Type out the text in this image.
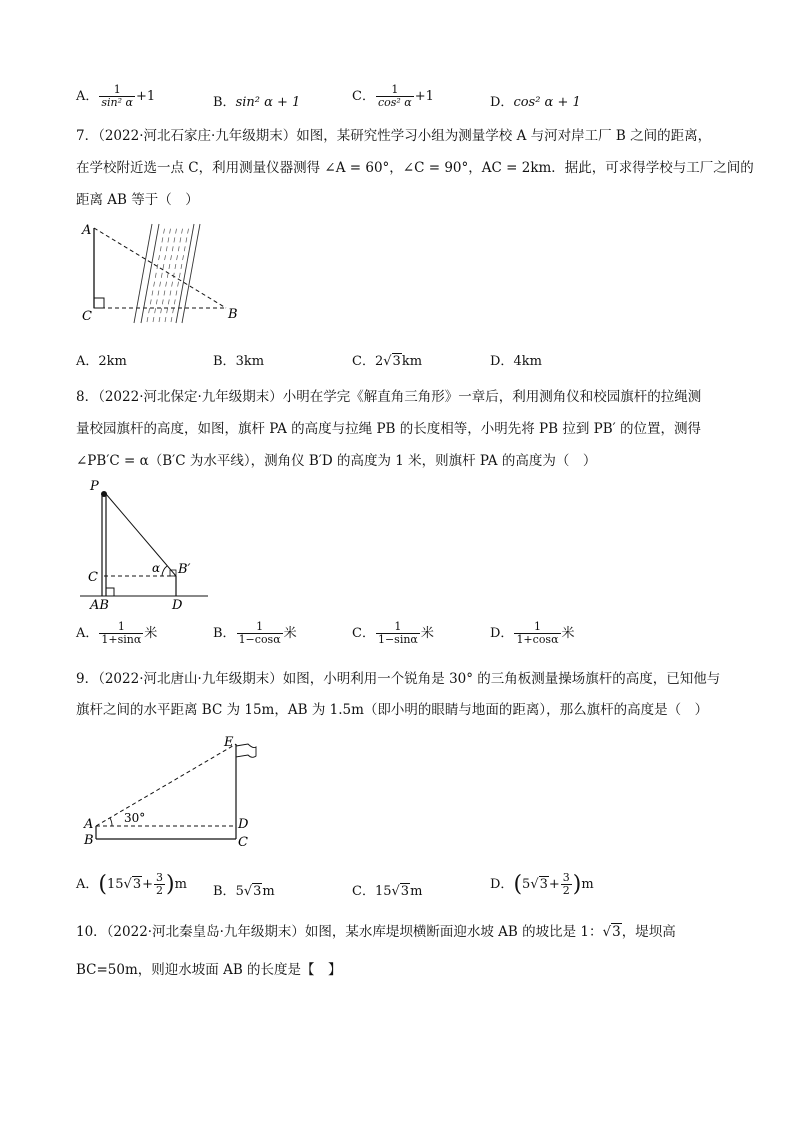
A． $\frac{1}{\text{sin² α}} +1$	B．sin² α + 1	C． $\frac{1}{\text{cos² α}} +1$	D．cos² α + 1
7．（2022·河北石家庄·九年级期末）如图，某研究性学习小组为测量学校 A 与河对岸工厂 B 之间的距离，
在学校附近选一点 C，利用测量仪器测得 ∠A = 60°，∠C = 90°，AC = 2km．据此，可求得学校与工厂之间的
距离 AB 等于（　）
A
C	B
A．2km	B．3km	C．2√3km	D．4km
8．（2022·河北保定·九年级期末）小明在学完《解直角三角形》一章后，利用测角仪和校园旗杆的拉绳测
量校园旗杆的高度，如图，旗杆 PA 的高度与拉绳 PB 的长度相等，小明先将 PB 拉到 PB′ 的位置，测得
∠PB′C = α（B′C 为水平线），测角仪 B′D 的高度为 1 米，则旗杆 PA 的高度为（　）
P
C
AB	D
B′
α
A． $\frac{1}{1+\sin\alpha}$ 米	B． $\frac{1}{1-\cos\alpha}$ 米	C． $\frac{1}{1-\sin\alpha}$ 米	D． $\frac{1}{1+\cos\alpha}$ 米
9．（2022·河北唐山·九年级期末）如图，小明利用一个锐角是 30° 的三角板测量操场旗杆的高度，已知他与
旗杆之间的水平距离 BC 为 15m，AB 为 1.5m（即小明的眼睛与地面的距离），那么旗杆的高度是（　）
E
A
B
D
C
30°
A．$(15√3+ \frac{3}{2} )m$ B．5√3m	C．15√3m	D．$(5√3+ \frac{3}{2} )m$
10．（2022·河北秦皇岛·九年级期末）如图，某水库堤坝横断面迎水坡 AB 的坡比是 1：√3，堤坝高
BC=50m，则迎水坡面 AB 的长度是【　】
